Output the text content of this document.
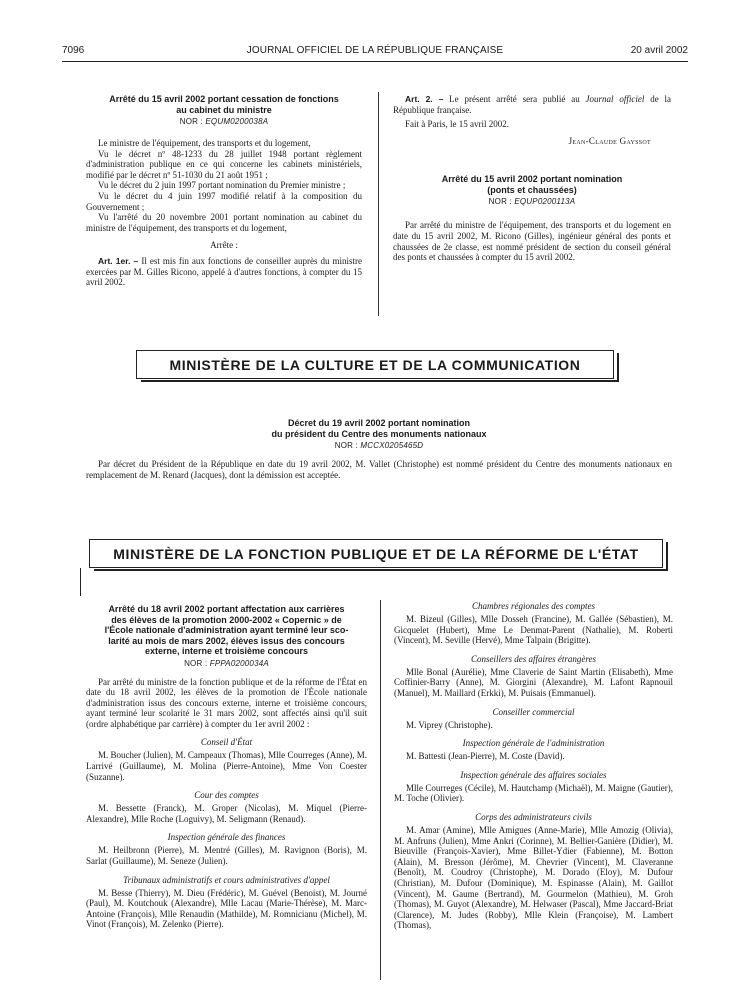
7096	JOURNAL OFFICIEL DE LA RÉPUBLIQUE FRANÇAISE	20 avril 2002

Arrêté du 15 avril 2002 portant cessation de fonctions

au cabinet du ministre

NOR : EQUM0200038A

Le ministre de l'équipement, des transports et du logement,

Vu le décret nº 48-1233 du 28 juillet 1948 portant règlement d'administration publique en ce qui concerne les cabinets ministériels, modifié par le décret nº 51-1030 du 21 août 1951 ;

Vu le décret du 2 juin 1997 portant nomination du Premier ministre ;

Vu le décret du 4 juin 1997 modifié relatif à la composition du Gouvernement ;

Vu l'arrêté du 20 novembre 2001 portant nomination au cabinet du ministre de l'équipement, des transports et du logement,

Arrête :

Art. 1er. – Il est mis fin aux fonctions de conseiller auprès du ministre exercées par M. Gilles Ricono, appelé à d'autres fonctions, à compter du 15 avril 2002.

Art. 2. – Le présent arrêté sera publié au Journal officiel de la République française.

Fait à Paris, le 15 avril 2002.

Jean-Claude Gayssot

Arrêté du 15 avril 2002 portant nomination

(ponts et chaussées)

NOR : EQUP0200113A

Par arrêté du ministre de l'équipement, des transports et du logement en date du 15 avril 2002, M. Ricono (Gilles), ingénieur général des ponts et chaussées de 2e classe, est nommé président de section du conseil général des ponts et chaussées à compter du 15 avril 2002.

MINISTÈRE DE LA CULTURE ET DE LA COMMUNICATION

Décret du 19 avril 2002 portant nomination

du président du Centre des monuments nationaux

NOR : MCCX0205465D

Par décret du Président de la République en date du 19 avril 2002, M. Vallet (Christophe) est nommé président du Centre des monuments nationaux en remplacement de M. Renard (Jacques), dont la démission est acceptée.

MINISTÈRE DE LA FONCTION PUBLIQUE ET DE LA RÉFORME DE L'ÉTAT

Arrêté du 18 avril 2002 portant affectation aux carrières

des élèves de la promotion 2000-2002 « Copernic » de

l'École nationale d'administration ayant terminé leur sco-

larité au mois de mars 2002, élèves issus des concours

externe, interne et troisième concours

NOR : FPPA0200034A

Par arrêté du ministre de la fonction publique et de la réforme de l'État en date du 18 avril 2002, les élèves de la promotion de l'École nationale d'administration issus des concours externe, interne et troisième concours, ayant terminé leur scolarité le 31 mars 2002, sont affectés ainsi qu'il suit (ordre alphabétique par carrière) à compter du 1er avril 2002 :

Conseil d'État

M. Boucher (Julien), M. Campeaux (Thomas), Mlle Courreges (Anne), M. Larrivé (Guillaume), M. Molina (Pierre-Antoine), Mme Von Coester (Suzanne).

Cour des comptes

M. Bessette (Franck), M. Groper (Nicolas), M. Miquel (Pierre-Alexandre), Mlle Roche (Loguivy), M. Seligmann (Renaud).

Inspection générale des finances

M. Heilbronn (Pierre), M. Mentré (Gilles), M. Ravignon (Boris), M. Sarlat (Guillaume), M. Seneze (Julien).

Tribunaux administratifs et cours administratives d'appel

M. Besse (Thierry), M. Dieu (Frédéric), M. Guével (Benoist), M. Journé (Paul), M. Koutchouk (Alexandre), Mlle Lacau (Marie-Thérèse), M. Marc-Antoine (François), Mlle Renaudin (Mathilde), M. Romnicianu (Michel), M. Vinot (François), M. Zelenko (Pierre).

Chambres régionales des comptes

M. Bizeul (Gilles), Mlle Dosseh (Francine), M. Gallée (Sébastien), M. Gicquelet (Hubert), Mme Le Denmat-Parent (Nathalie), M. Roberti (Vincent), M. Seville (Hervé), Mme Talpain (Brigitte).

Conseillers des affaires étrangères

Mlle Bonal (Aurélie), Mme Claverie de Saint Martin (Elisabeth), Mme Coffinier-Barry (Anne), M. Giorgini (Alexandre), M. Lafont Rapnouil (Manuel), M. Maillard (Erkki), M. Puisais (Emmanuel).

Conseiller commercial

M. Viprey (Christophe).

Inspection générale de l'administration

M. Battesti (Jean-Pierre), M. Coste (David).

Inspection générale des affaires sociales

Mlle Courreges (Cécile), M. Hautchamp (Michaël), M. Maigne (Gautier), M. Toche (Olivier).

Corps des administrateurs civils

M. Amar (Amine), Mlle Amigues (Anne-Marie), Mlle Amozig (Olivia), M. Anfruns (Julien), Mme Ankri (Corinne), M. Bellier-Ganière (Didier), M. Bieuville (François-Xavier), Mme Billet-Ydier (Fabienne), M. Botton (Alain), M. Bresson (Jérôme), M. Chevrier (Vincent), M. Claveranne (Benoît), M. Coudroy (Christophe), M. Dorado (Eloy), M. Dufour (Christian), M. Dufour (Dominique), M. Espinasse (Alain), M. Gaillot (Vincent), M. Gaume (Bertrand), M. Gourmelon (Mathieu), M. Groh (Thomas), M. Guyot (Alexandre), M. Helwaser (Pascal), Mme Jaccard-Briat (Clarence), M. Judes (Robby), Mlle Klein (Françoise), M. Lambert (Thomas),
